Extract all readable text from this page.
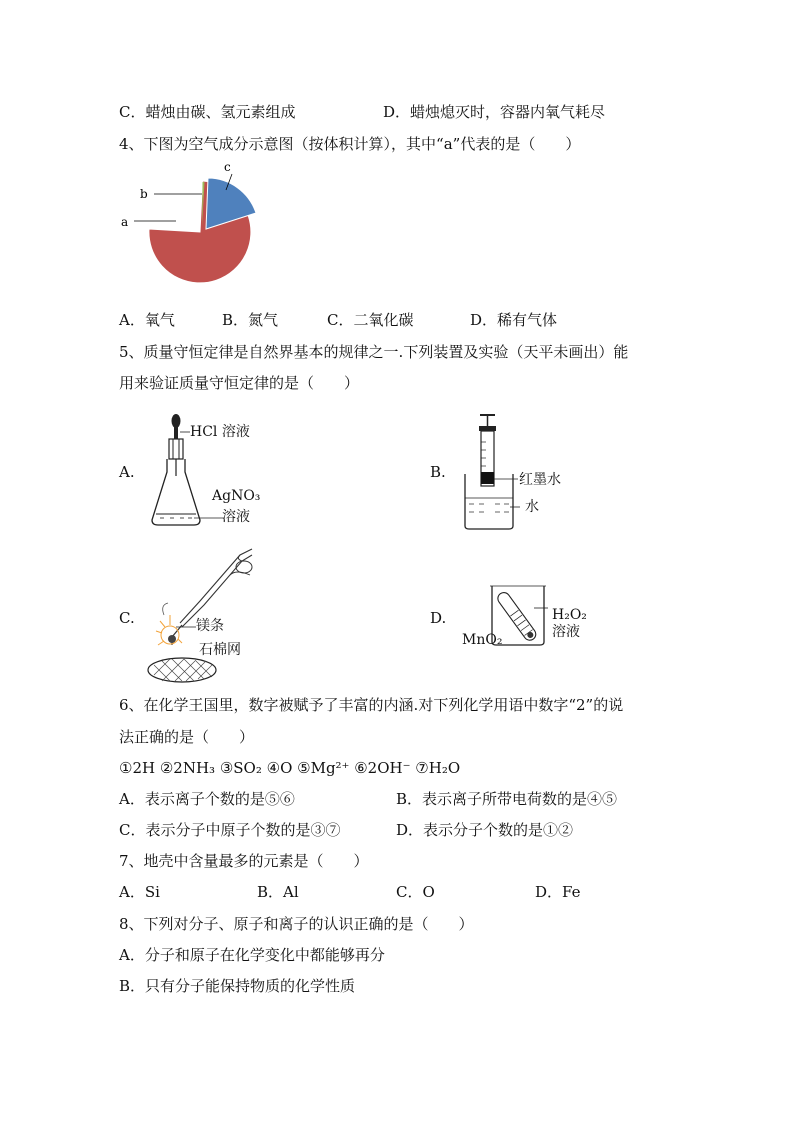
C．蜡烛由碳、氢元素组成	D．蜡烛熄灭时，容器内氧气耗尽
4、下图为空气成分示意图（按体积计算），其中“a”代表的是（　　）
a
b
c
A．氧气	B．氮气	C．二氧化碳	D．稀有气体
5、质量守恒定律是自然界基本的规律之一.下列装置及实验（天平未画出）能
用来验证质量守恒定律的是（　　）
A.
HCl 溶液
AgNO₃
溶液
B.	红墨水
水
C.	镁条
石棉网
D.	H₂O₂
溶液
MnO₂
6、在化学王国里，数字被赋予了丰富的内涵.对下列化学用语中数字“2”的说
法正确的是（　　）
①2H ②2NH₃ ③SO₂ ④O ⑤Mg²⁺ ⑥2OH⁻ ⑦H₂O
A．表示离子个数的是⑤⑥	B．表示离子所带电荷数的是④⑤
C．表示分子中原子个数的是③⑦	D．表示分子个数的是①②
7、地壳中含量最多的元素是（　　）
A．Si	B．Al	C．O	D．Fe
8、下列对分子、原子和离子的认识正确的是（　　）
A．分子和原子在化学变化中都能够再分
B．只有分子能保持物质的化学性质
